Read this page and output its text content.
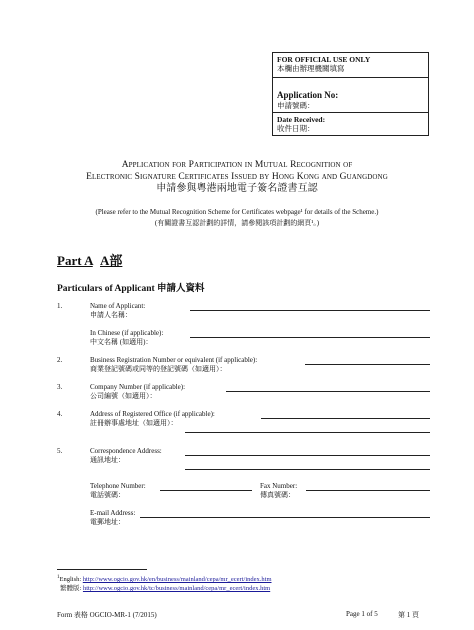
FOR OFFICIAL USE ONLY
本欄由辦理機關填寫
Application No:
申請號碼：
Date Received:
收件日期：
Application for Participation in Mutual Recognition of
Electronic Signature Certificates Issued by Hong Kong and Guangdong
申請參與粵港兩地電子簽名證書互認
(Please refer to the Mutual Recognition Scheme for Certificates webpage¹ for details of the Scheme.)
(有關證書互認計劃的詳情，請參閱該項計劃的網頁¹。)
Part A A部
Particulars of Applicant 申請人資料
1.	Name of Applicant:
申請人名稱：
In Chinese (if applicable):
中文名稱 (如適用)：
2.	Business Registration Number or equivalent (if applicable):
商業登記號碼或同等的登記號碼（如適用）：
3.	Company Number (if applicable):
公司編號（如適用）：
4.	Address of Registered Office (if applicable):
註冊辦事處地址（如適用）：
5.	Correspondence Address:
通訊地址：
Telephone Number:
電話號碼：
Fax Number:
傳真號碼：
E-mail Address:
電郵地址：
$^1$English: http://www.ogcio.gov.hk/en/business/mainland/cepa/mr_ecert/index.htm
繁體版: http://www.ogcio.gov.hk/tc/business/mainland/cepa/mr_ecert/index.htm
Form 表格 OGCIO-MR-1 (7/2015)	Page 1 of 5	第 1 頁
